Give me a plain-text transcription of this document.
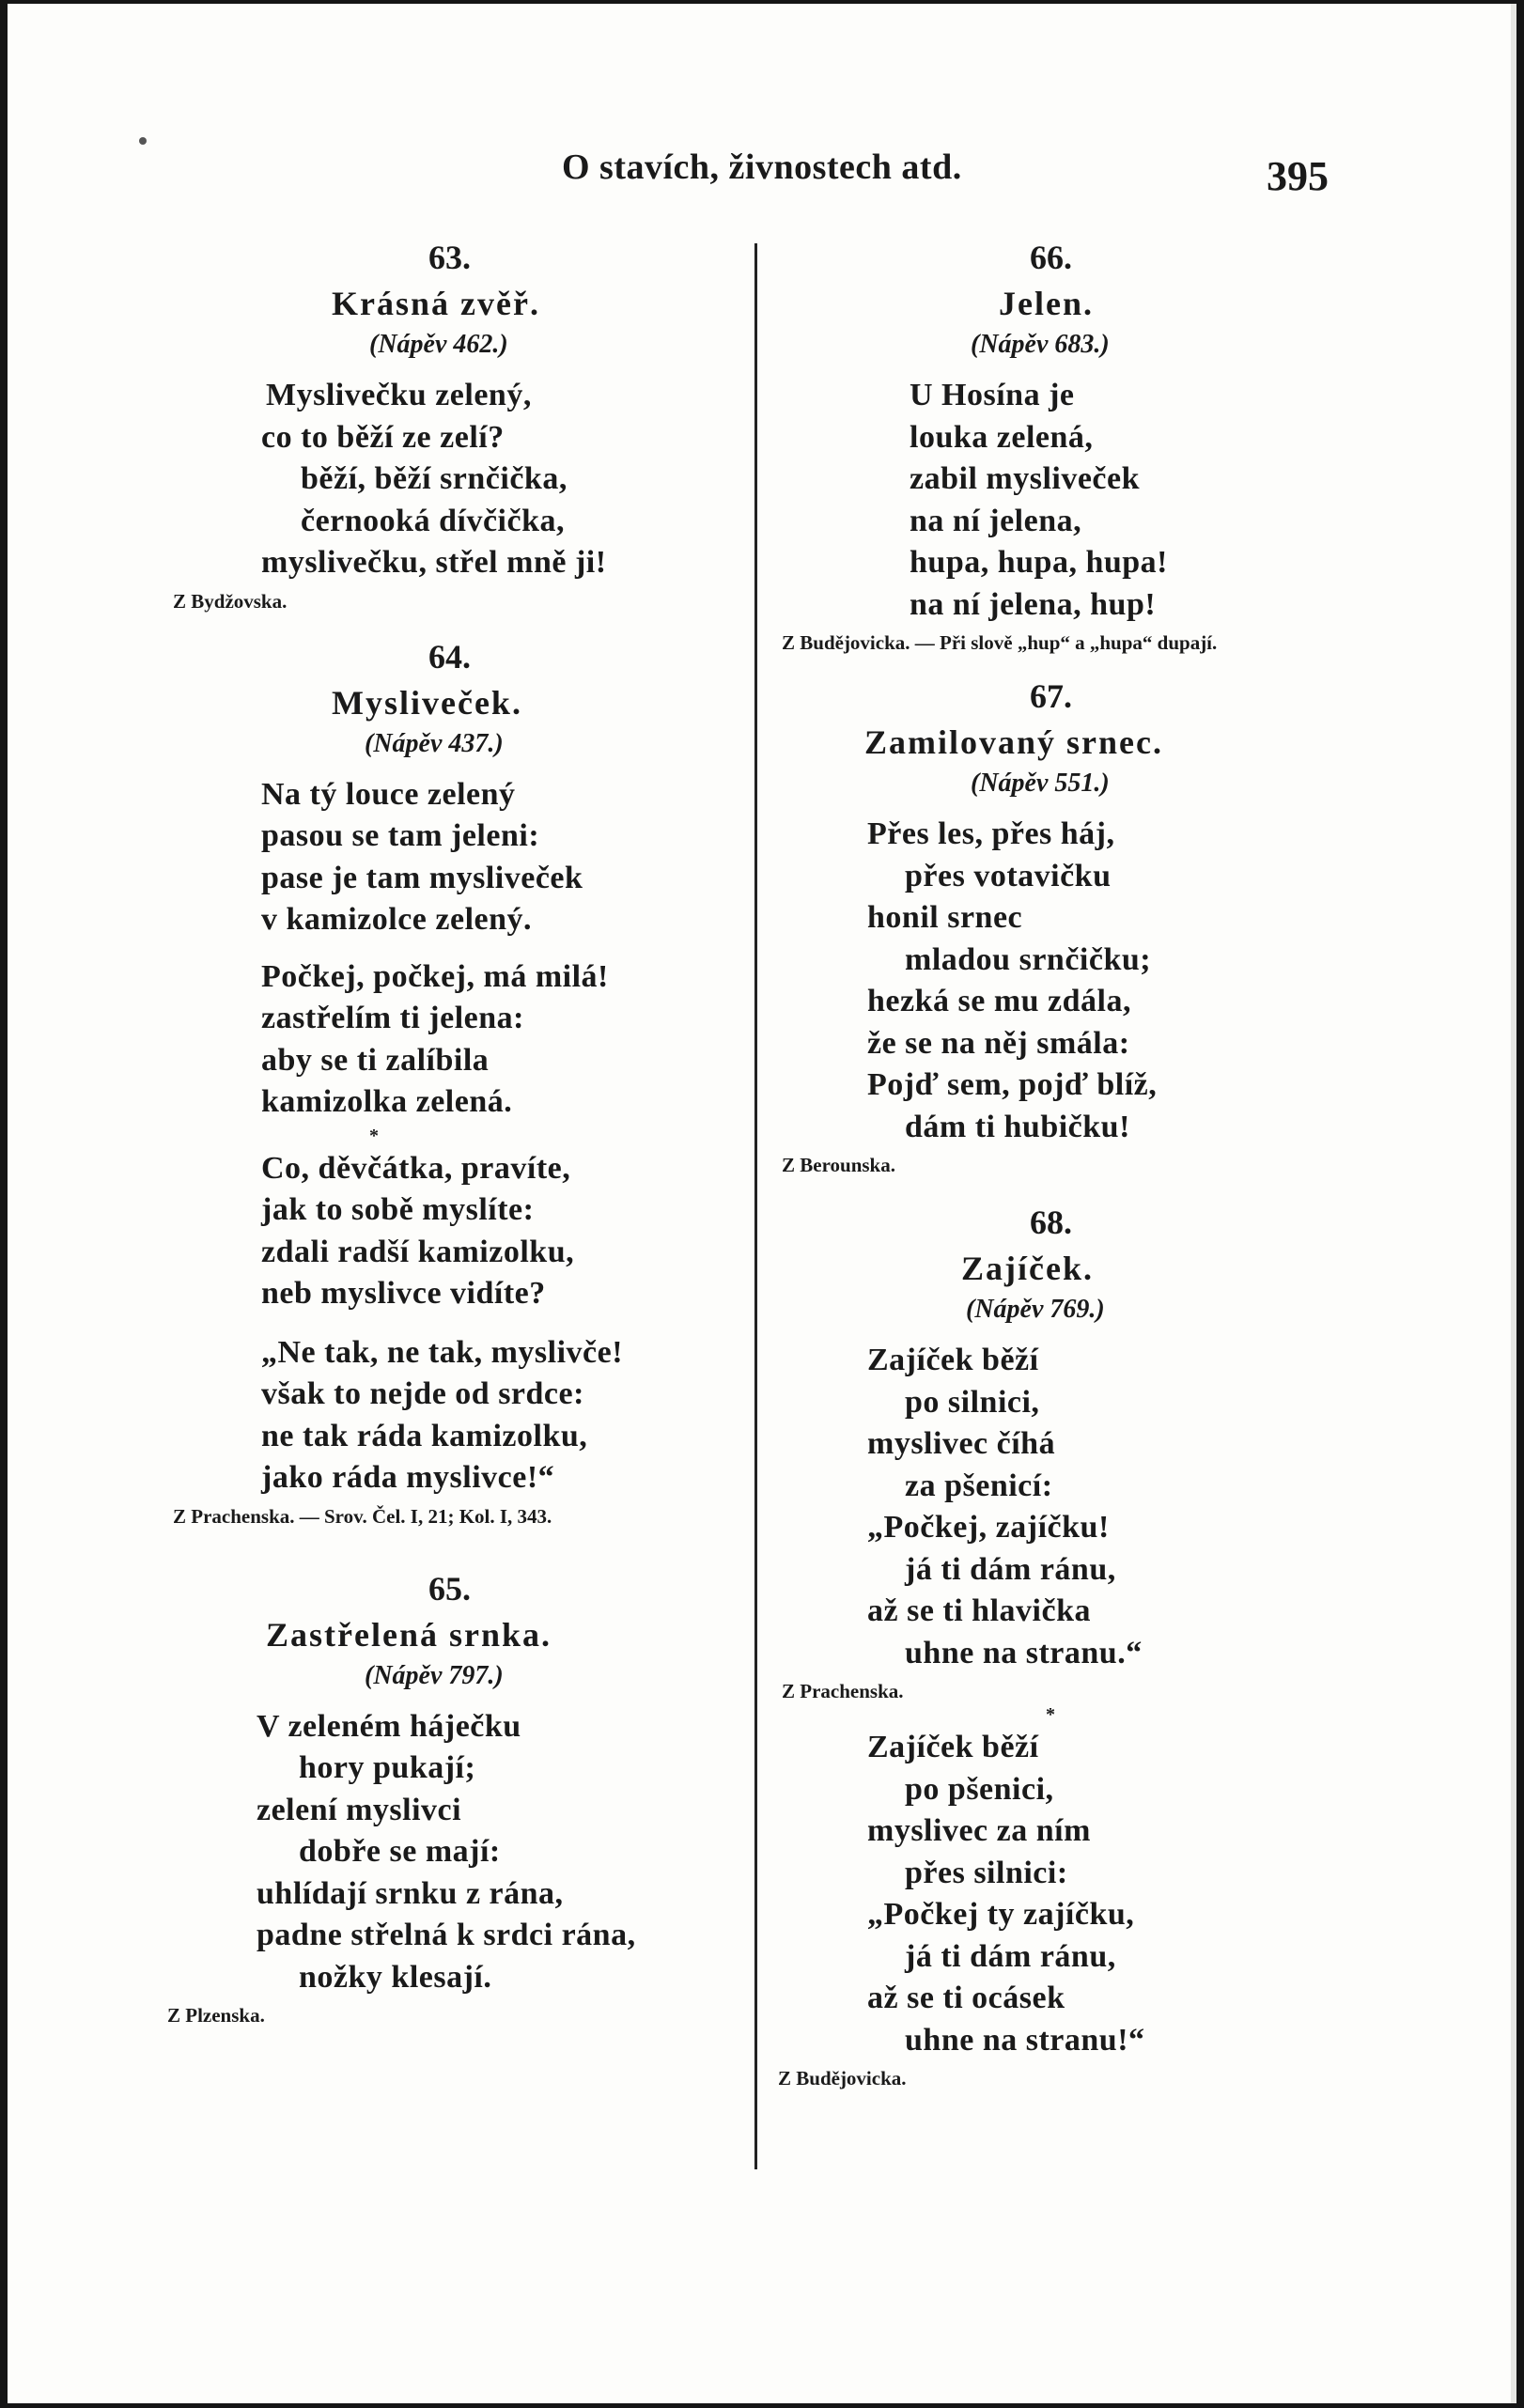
O stavích, živnostech atd.	395

63.

Krásná zvěř.

(Nápěv 462.)

Myslivečku zelený,
co to běží ze zelí?
běží, běží srnčička,
černooká dívčička,
myslivečku, střel mně ji!

Z Bydžovska.

64.

Mysliveček.

(Nápěv 437.)

Na tý louce zelený
pasou se tam jeleni:
pase je tam mysliveček
v kamizolce zelený.
Počkej, počkej, má milá!
zastřelím ti jelena:
aby se ti zalíbila
kamizolka zelená.
*
Co, děvčátka, pravíte,
jak to sobě myslíte:
zdali radší kamizolku,
neb myslivce vidíte?
„Ne tak, ne tak, myslivče!
však to nejde od srdce:
ne tak ráda kamizolku,
jako ráda myslivce!“

Z Prachenska. — Srov. Čel. I, 21; Kol. I, 343.

65.

Zastřelená srnka.

(Nápěv 797.)

V zeleném háječku
hory pukají;
zelení myslivci
dobře se mají:
uhlídají srnku z rána,
padne střelná k srdci rána,
nožky klesají.

Z Plzenska.

66.

Jelen.

(Nápěv 683.)

U Hosína je
louka zelená,
zabil mysliveček
na ní jelena,
hupa, hupa, hupa!
na ní jelena, hup!

Z Budějovicka. — Při slově „hup“ a „hupa“ dupají.

67.

Zamilovaný srnec.

(Nápěv 551.)

Přes les, přes háj,
přes votavičku
honil srnec
mladou srnčičku;
hezká se mu zdála,
že se na něj smála:
Pojď sem, pojď blíž,
dám ti hubičku!

Z Berounska.

68.

Zajíček.

(Nápěv 769.)

Zajíček běží
po silnici,
myslivec číhá
za pšenicí:
„Počkej, zajíčku!
já ti dám ránu,
až se ti hlavička
uhne na stranu.“

Z Prachenska.

*
Zajíček běží
po pšenici,
myslivec za ním
přes silnici:
„Počkej ty zajíčku,
já ti dám ránu,
až se ti ocásek
uhne na stranu!“

Z Budějovicka.
